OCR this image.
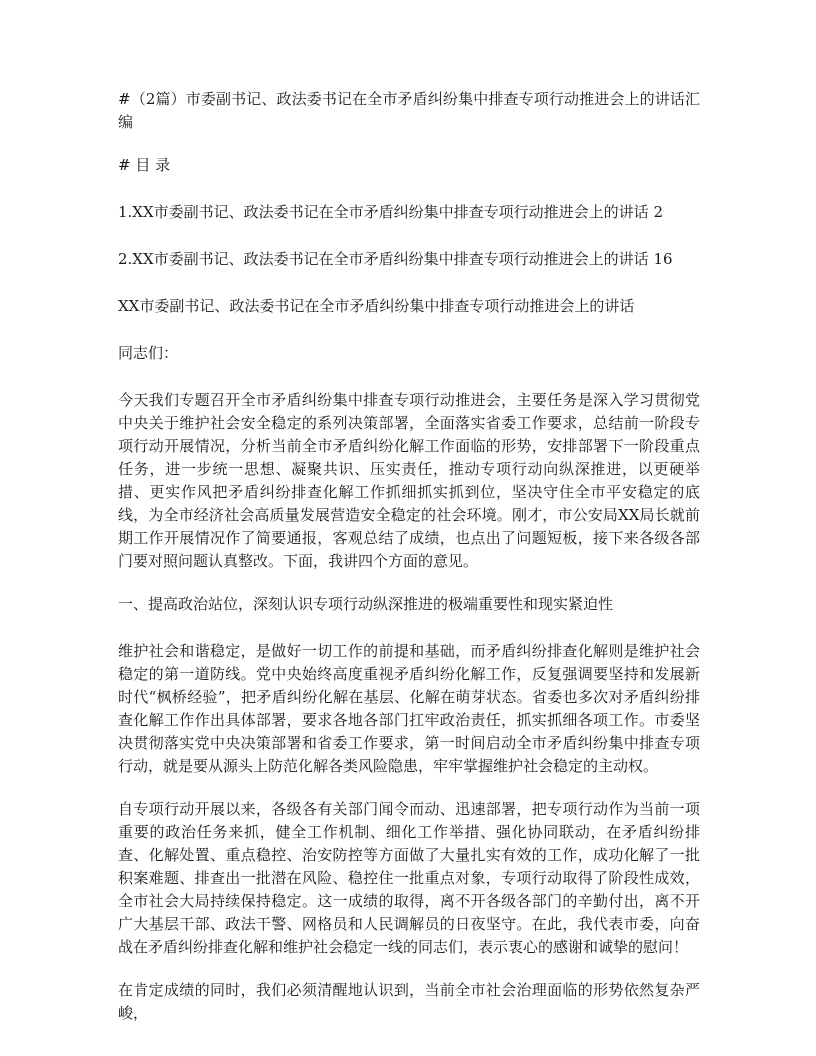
#（2篇）市委副书记、政法委书记在全市矛盾纠纷集中排查专项行动推进会上的讲话汇编

# 目 录

1.XX市委副书记、政法委书记在全市矛盾纠纷集中排查专项行动推进会上的讲话 2

2.XX市委副书记、政法委书记在全市矛盾纠纷集中排查专项行动推进会上的讲话 16

XX市委副书记、政法委书记在全市矛盾纠纷集中排查专项行动推进会上的讲话

同志们：

今天我们专题召开全市矛盾纠纷集中排查专项行动推进会，主要任务是深入学习贯彻党中央关于维护社会安全稳定的系列决策部署，全面落实省委工作要求，总结前一阶段专项行动开展情况，分析当前全市矛盾纠纷化解工作面临的形势，安排部署下一阶段重点任务，进一步统一思想、凝聚共识、压实责任，推动专项行动向纵深推进，以更硬举措、更实作风把矛盾纠纷排查化解工作抓细抓实抓到位，坚决守住全市平安稳定的底线，为全市经济社会高质量发展营造安全稳定的社会环境。刚才，市公安局XX局长就前期工作开展情况作了简要通报，客观总结了成绩，也点出了问题短板，接下来各级各部门要对照问题认真整改。下面，我讲四个方面的意见。

一、提高政治站位，深刻认识专项行动纵深推进的极端重要性和现实紧迫性

维护社会和谐稳定，是做好一切工作的前提和基础，而矛盾纠纷排查化解则是维护社会稳定的第一道防线。党中央始终高度重视矛盾纠纷化解工作，反复强调要坚持和发展新时代“枫桥经验”，把矛盾纠纷化解在基层、化解在萌芽状态。省委也多次对矛盾纠纷排查化解工作作出具体部署，要求各地各部门扛牢政治责任，抓实抓细各项工作。市委坚决贯彻落实党中央决策部署和省委工作要求，第一时间启动全市矛盾纠纷集中排查专项行动，就是要从源头上防范化解各类风险隐患，牢牢掌握维护社会稳定的主动权。

自专项行动开展以来，各级各有关部门闻令而动、迅速部署，把专项行动作为当前一项重要的政治任务来抓，健全工作机制、细化工作举措、强化协同联动，在矛盾纠纷排查、化解处置、重点稳控、治安防控等方面做了大量扎实有效的工作，成功化解了一批积案难题、排查出一批潜在风险、稳控住一批重点对象，专项行动取得了阶段性成效，全市社会大局持续保持稳定。这一成绩的取得，离不开各级各部门的辛勤付出，离不开广大基层干部、政法干警、网格员和人民调解员的日夜坚守。在此，我代表市委，向奋战在矛盾纠纷排查化解和维护社会稳定一线的同志们，表示衷心的感谢和诚挚的慰问！

在肯定成绩的同时，我们必须清醒地认识到，当前全市社会治理面临的形势依然复杂严峻，
